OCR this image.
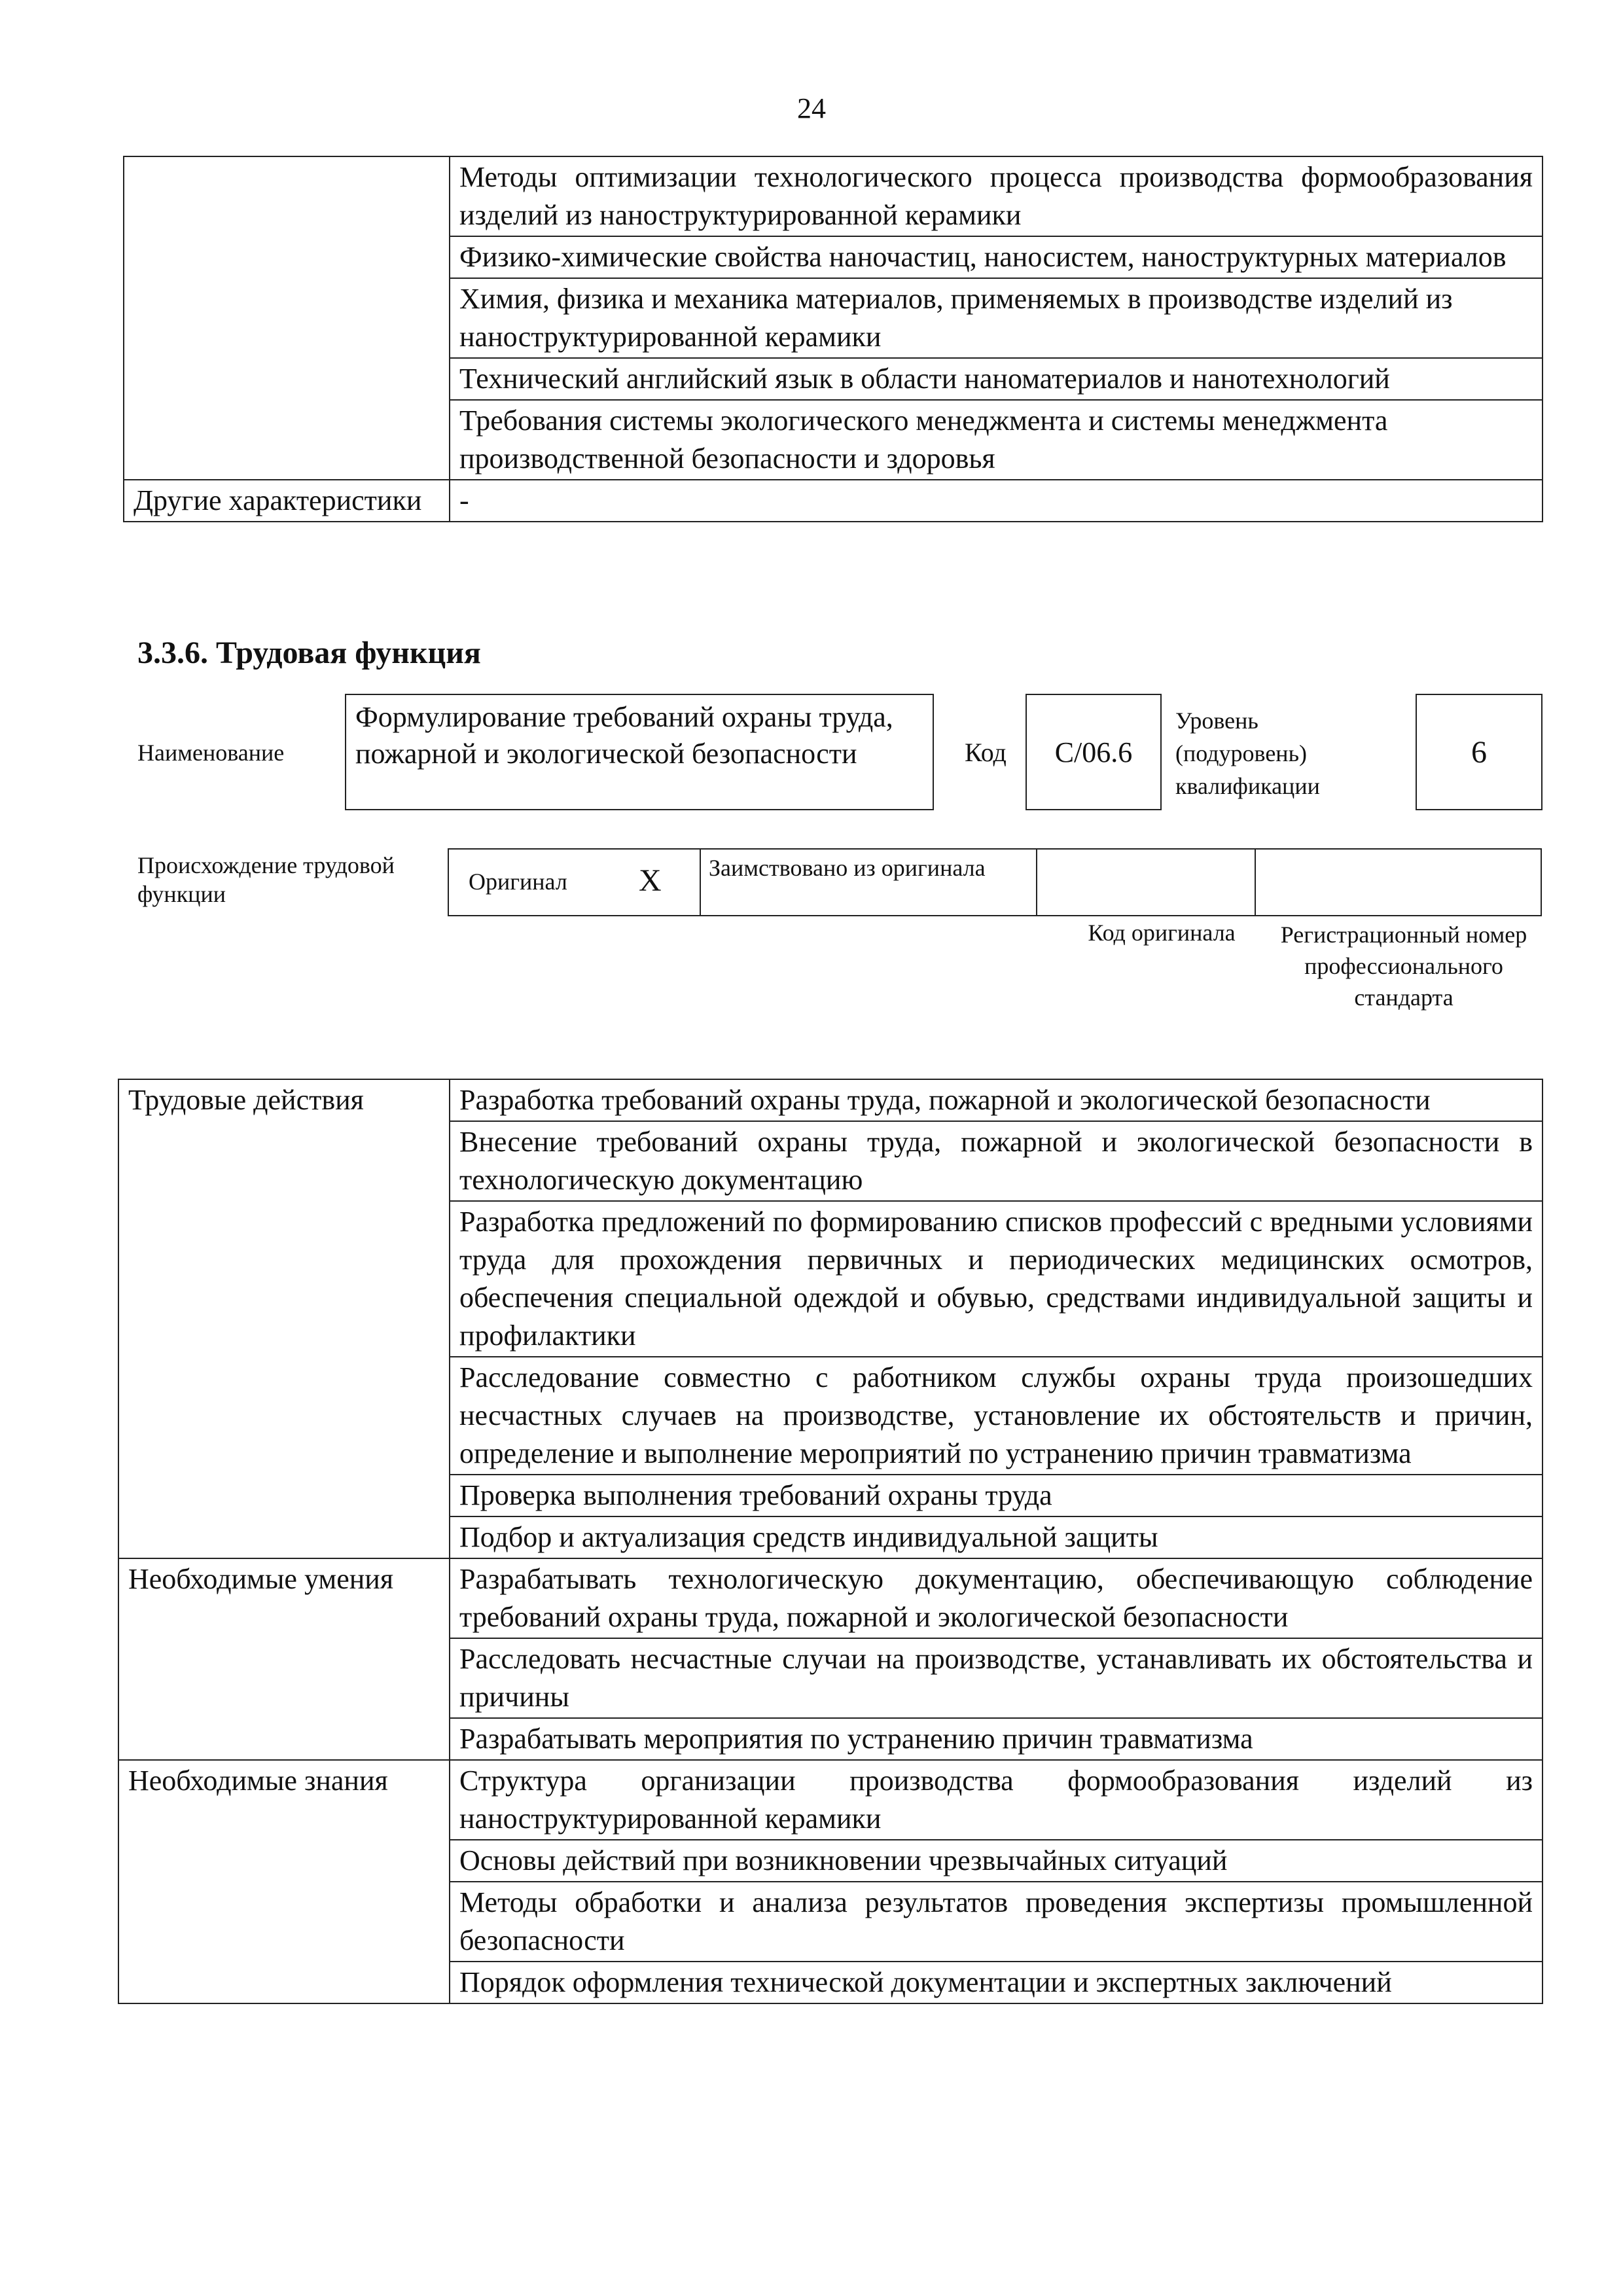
24
	Методы оптимизации технологического процесса производства формообразования изделий из наноструктурированной керамики
	Физико-химические свойства наночастиц, наносистем, наноструктурных материалов
	Химия, физика и механика материалов, применяемых в производстве изделий из наноструктурированной керамики
	Технический английский язык в области наноматериалов и нанотехнологий
	Требования системы экологического менеджмента и системы менеджмента производственной безопасности и здоровья
Другие характеристики	-
3.3.6. Трудовая функция
Наименование
Формулирование требований охраны труда, пожарной и экологической безопасности	Код	С/06.6
Уровень (подуровень) квалификации
6
Происхождение трудовой функции	Оригинал X	Заимствовано из оригинала
Код оригинала	Регистрационный номер профессионального стандарта
Трудовые действия	Разработка требований охраны труда, пожарной и экологической безопасности
	Внесение требований охраны труда, пожарной и экологической безопасности в технологическую документацию
	Разработка предложений по формированию списков профессий с вредными условиями труда для прохождения первичных и периодических медицинских осмотров, обеспечения специальной одеждой и обувью, средствами индивидуальной защиты и профилактики
	Расследование совместно с работником службы охраны труда произошедших несчастных случаев на производстве, установление их обстоятельств и причин, определение и выполнение мероприятий по устранению причин травматизма
	Проверка выполнения требований охраны труда
	Подбор и актуализация средств индивидуальной защиты
Необходимые умения	Разрабатывать технологическую документацию, обеспечивающую соблюдение требований охраны труда, пожарной и экологической безопасности
	Расследовать несчастные случаи на производстве, устанавливать их обстоятельства и причины
	Разрабатывать мероприятия по устранению причин травматизма
Необходимые знания	Структура организации производства формообразования изделий из наноструктурированной керамики
	Основы действий при возникновении чрезвычайных ситуаций
	Методы обработки и анализа результатов проведения экспертизы промышленной безопасности
	Порядок оформления технической документации и экспертных заключений
